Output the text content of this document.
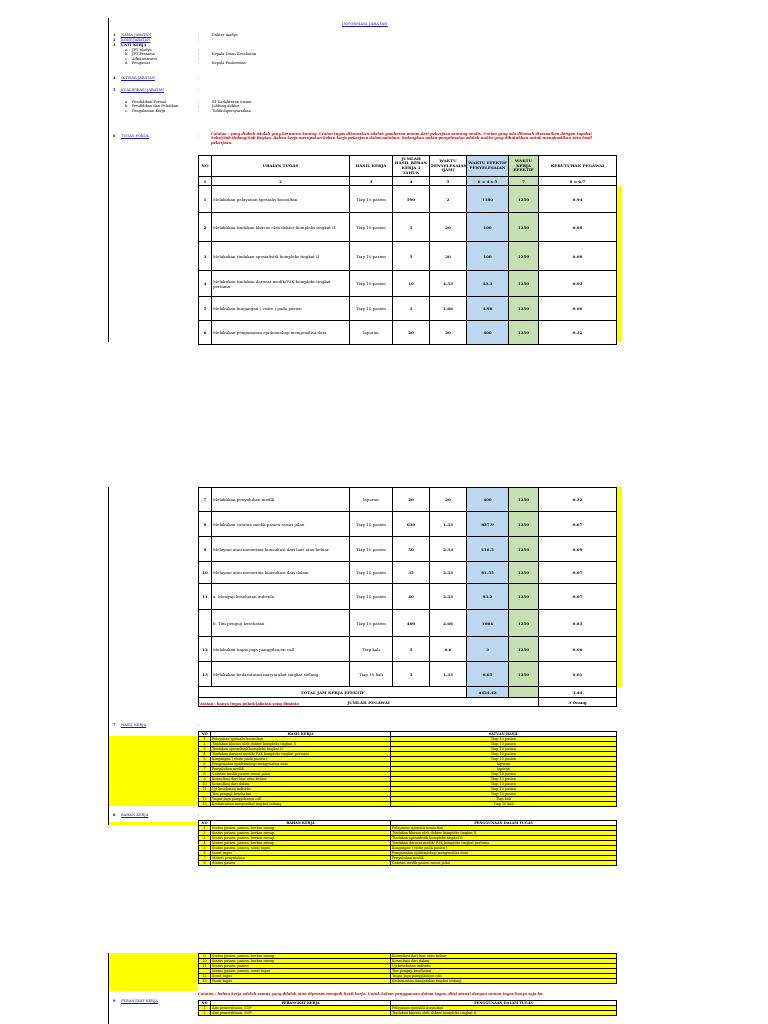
INFORMASI JABATAN
1 NAMA JABATAN	:	Dokter madya
2 KODE JABATAN	:	-
3 UNIT KERJA
a. JPT Madya	:
b. JPT Pratama	:	Kepala Dinas Kesehatan
c. Administrator	:
d. Pengawas	:	Kepala Puskesmas
4 IKTISAR JABATAN	:
5 KUALIFIKASI JABATAN	:
a. Pendidikan Formal	:	S1 Kedokteran umum
b. Pendidikan dan Pelatihan	:	Jabfung dokter
c. Pengalaman Kerja	:	Tidak dipersyaratkan
6 TUGAS POKOK	:	Catatan : yang diubah adalah yang berwarna kuning. Uraian tugas diharuskan adalah gambaran umum dari pekerjaan seorang analis. Uraian yang ada dibawah disesuaikan dengan tupoksi Seksi/Sub Bidang/Sub Bagian. Beban kerja merupakan beban kerja pekerjaan dalam setahun. Sedangkan waktu penyelesaian adalah waktu yang dibutuhkan untuk menghasilkan satu hasil pekerjaan.
NO	URAIAN TUGAS	HASIL KERJA	JUMLAH HASIL BEBAN KERJA 1 TAHUN	WAKTU PENYELESAIAN (JAM)	WAKTU EFEKTIF PENYELESAIAN	WAKTU KERJA EFEKTIF	KEBUTUHAN PEGAWAI
1	2	3	4	5	6 = 4 x 5	7	8 = 6/7
1	Melakukan pelayanan spesialis konsultan	Tiap 10 pasien	590	2	1180	1250	0.94
2	Melakukan tindakan khusus oleh dokter kompleks tingkat II	Tiap 10 pasien	5	20	100	1250	0.08
3	Melakukan tindakan spesialistik kompleks tingkat II	Tiap 10 pasien	5	20	100	1250	0.08
4	Melakukan tindakan darurat medik/P3K kompleks tingkat pertama	Tiap 10 pasien	10	4.33	43.3	1250	0.03
5	Melakukan kunjungan ( visite ) pada pasien	Tiap 10 pasien	3	1.66	4.98	1250	0.00
6	Melakukan pengamatan epidemiologi mengenalisa data	laporan	20	20	400	1250	0.32
7	Melakukan penyuluhan medik	laporan	20	20	400	1250	0.32
8	Melakukan catatan medik pasien rawat jalan	Tiap 10 pasien	630	1.33	837.9	1250	0.67
9	Melayani atau menerima konsultasi dari luar atau keluar	Tiap 10 pasien	50	2.33	116.5	1250	0.09
10	Melayani atau menerima konsultasi dari dalam	Tiap 10 pasien	35	2.33	81.55	1250	0.07
11	a. Menguji kesehatan individu	Tiap 10 pasien	40	2.33	93.2	1250	0.07
	b. Tim penguji kesehatan	Tiap 10 pasien	400	2.66	1064	1250	0.85
12	Melakukan tugas jaga panggilan/on call	Tiap kali	5	0.6	3	1250	0.00
13	Melakukan kedaruratan masyarakat tingkat sedang	Tiap 10 kali	5	1.33	6.65	1250	0.01
TOTAL JAM KERJA EFEKTIF					4424.42		3.44
JUMLAH PEGAWAI							3 Orang
catatan : hanya tugas pokok jabatan yang diminta
7 HASIL KERJA	:
NO	HASIL KERJA	SATUAN HASIL
1	Pelayanan spesialis konsultan	Tiap 10 pasien
2	Tindakan khusus oleh dokter kompleks tingkat II	Tiap 10 pasien
3	Tindakan spesialistik kompleks tingkat II	Tiap 10 pasien
4	Tindakan darurat medik/ P3K kompleks tingkat pertama	Tiap 10 pasien
5	Kunjungan ( visite pada pasien )	Tiap 10 pasien
6	Pengamatan epidemiologi mengenalisa data	laporan
7	Penyuluhan medik	laporan
8	Catatan medik pasien rawat jalan	Tiap 10 pasien
9	Konsultasi dari luar atau keluar	Tiap 10 pasien
10	Konsultasi dari dalam	Tiap 10 pasien
11	Uji kesehatan individu	Tiap 10 pasien
	Tim penguji kesehatan	Tiap 10 pasien
12	Tugas jaga panggilan/on call	Tiap kali
13	Kedaruratan masyarakat tingkat sedang	Tiap 10 kali
8 BAHAN KERJA	:
NO	BAHAN KERJA	PENGGUNAAN DALAM TUGAS
1	Status pasien, pasien, berkas rawap	Pelayanan spesialis konsultan
2	Status pasien, pasien, berkas rawap	Tindakan khusus oleh dokter kompleks tingkat II
3	Status pasien, pasien, berkas rawap	Tindakan spesialistik kompleks tingkat II
4	Status pasien, pasien, berkas rawap	Tindakan darurat medik/ P3K kompleks tingkat pertama
5	Status pasien, pasien, surat tugas	Kunjungan ( visite pada pasien )
6	Surat tugas	Pengamatan epidemiologi mengenalisa data
7	Materi penyuluhan	Penyuluhan medik
8	Status pasien	Catatan medik pasien rawat jalan
9	Status pasien, pasien, berkas rawap	Konsultasi dari luar atau keluar
10	Status pasien, pasien, berkas rawap	Konsultasi dari dalam
11	Status pasien, pasien	Uji kesehatan individu
	Status pasien, pasien, surat tugas	Tim penguji kesehatan
12	Surat tugas	Tugas jaga panggilan/on call
13	Surat tugas	Kedaruratan masyarakat tingkat sedang
Catatan : bahan kerja adalah semua yang dilolah atau diproses menjadi hasil kerja. Untuk kolom penggunaan dalam tugas, diisi sesuai dengan uraian tugas hanya saja bu
9 PERANGKAT KERJA	NO	PERANGKAT KERJA	PENGGUNAAN DALAM TUGAS
1	Alat pemeriksaan, SOP	Pelayanan spesialis konsultan
2	Alat pemeriksaan, SOP	Tindakan khusus oleh dokter kompleks tingkat II
